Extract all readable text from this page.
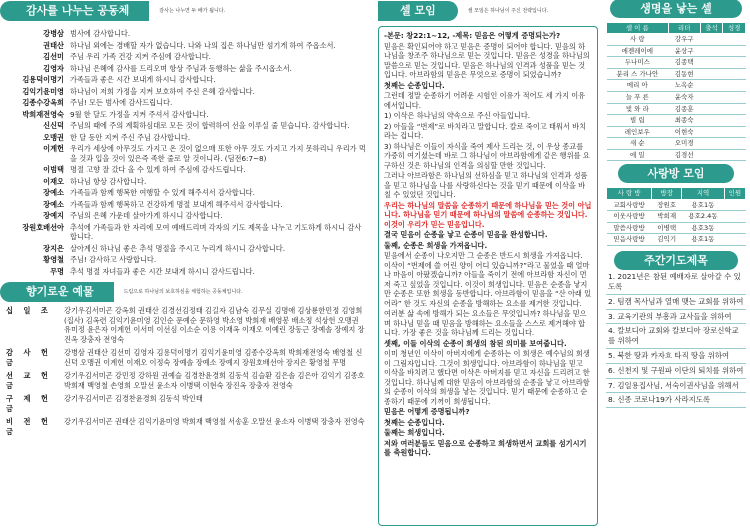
감사를 나누는 공동체	감사는 나누면 두 배가 됩니다.
강병삼 범사에 감사합니다.
권태산 하나님 외에는 경배할 자가 없습니다. 나와 나의 집은 하나님만 섬기게 하여 주옵소서.
김선미 주님 우리 가족 건강 지켜 주심에 감사합니다.
김영자 하나님 은혜에 감사를 드리오며 항상 주님과 동행하는 삶을 주시옵소서.
김용덕이명기 가족들과 좋은 시간 보내게 하시니 감사합니다.
김익기윤미영 하나님이 저희 가정을 지켜 보호하여 주신 은혜 감사합니다.
김종수강옥희 주님! 모든 범사에 감사드립니다.
박희재전영숙 9월 한 달도 가정을 지켜 주셔서 감사합니다.
신신덕 주님의 때에 주의 계획하심대로 모든 것이 합력하여 선을 이루실 줄 믿습니다. 감사합니다.
오맹권 한 달 동안 지켜 주신 주님 감사합니다.
이계헌 우리가 세상에 아무것도 가지고 온 것이 없으매 또한 아무 것도 가지고 가지 못하리니 우리가 먹을 것과 입을 것이 있은즉 족한 줄로 알 것이니라. (딤전6:7~8)
이범택 명절 고향 잘 갔다 올 수 있게 하여 주심에 감사드립니다.
이재오 하나님 항상 감사합니다.
장예소 가족들과 함께 행복한 여행할 수 있게 해주셔서 감사합니다.
장예소 가족들과 함께 행복하고 건강하게 명절 보내게 해주셔서 감사합니다.
장예지 주님의 은혜 가운데 살아가게 하시니 감사합니다.
장원호배선아 추석에 가족들과 한 자리에 모여 예배드리며 각자의 기도 제목을 나누고 기도하게 하시니 감사합니다.
장지은 살아계신 하나님 좋은 추석 명절을 주시고 누리게 하시니 감사합니다.
황영철 주님! 감사하고 사랑합니다.
무명 추석 명절 자녀들과 좋은 시간 보내게 하시니 감사드립니다.
향기로운 예물	드림으로 하나님의 보호하심을 체험하는 공동체입니다.
십 일 조	강기우김서미곤 강옥희 권태산 김경선김정태 김길자 김남숙 김무실 김명애 김상룡한민정 김영희(집사) 김옥련 김익기윤미영 김인순 문예순 문하영 박소영 박희재 배영봉 배소정 석상헌 오맹권 유미정 윤은자 이계헌 이서미 이선심 이소순 이용 이재옥 이재오 이예린 장동근 장예솔 장예지 장진옥 장충자 전영숙
감 사 헌 금
강병삼 권태산 김선미 김영자 김용덕이명기 김익기윤미영 김종수강옥희 박희재전영숙 배영철 신신덕 오맹권 이계헌 이재오 이정숙 장예솔 장예소 장예지 장원호배선아 장지은 황영철 무명
선 교 헌 금
강기우김서미곤 강민정 강하원 권예슬 김경찬윤경희 김동석 김슬환 김은솔 김은아 김익기 김종호 박희재 백영철 손영희 오말선 윤소자 이병택 이현숙 장진옥 장충자 전영숙
구 제 헌 금
강기우김서미곤 김경찬윤경희 김동석 박인태
비 전 헌 금
강기우김서미곤 권태산 김익기윤미영 박희재 백영철 서송훈 오말선 윤소자 이병택 장충자 전영숙
셀 모임	셀 모임은 하나님이 주신 전략입니다.

-본문: 창22:1~12, -제목: 믿음은 어떻게 증명되는가?

믿음은 확인되어야 하고 믿음은 증명이 되어야 합니다. 믿음의 하나님을 창조주 하나님으로 믿는 것입니다. 믿음은 성경을 하나님의 말씀으로 믿는 것입니다. 믿음은 하나님의 인격과 성품을 믿는 것입니다. 아브라함의 믿음은 무엇으로 증명이 되었습니까?

첫째는 순종입니다.

그런데 정말 순종하기 어려운 시험인 이유가 적어도 세 가지 이유에서입니다.

1) 이삭은 하나님의 약속으로 주신 아들입니다.

2) 아들을 “번제”로 바치라고 말합니다. 칼로 죽이고 태워서 바치라는 겁니다.

3) 하나님은 이들이 자식을 죽여 제사 드리는 것, 이 우상 종교를 가증히 여기셨는데 바로 그 하나님이 아브라함에게 같은 행위를 요구하신 것은 하나님의 인격을 의심할 만한 것입니다.

그러나 아브라함은 하나님의 선하심을 믿고 하나님의 인격과 성품을 믿고 하나님을 나를 사랑하신다는 것을 믿기 때문에 이삭을 바칠 수 있었던 것입니다.

우리는 하나님의 말씀을 순종하기 때문에 하나님을 믿는 것이 아닙니다. 하나님을 믿기 때문에 하나님의 말씀에 순종하는 것입니다. 이것이 우리가 믿는 믿음입니다.

결국 믿음이 순종을 낳고 순종이 믿음을 완성합니다.

둘째, 순종은 희생을 가져옵니다.

믿음에서 순종이 나오지만 그 순종은 반드시 희생을 가져옵니다. 이삭이 “번제에 쓸 어린 양이 어디 있습니까?”라고 물었을 때 얼마나 마음이 아팠겠습니까? 아들을 죽이기 전에 아브라함 자신이 먼저 죽고 싶었을 것입니다. 이것이 희생입니다. 믿음은 순종을 낳지만 순종은 또한 희생을 동반합니다. 아브라함이 믿음을 “산 아래 있어라” 한 것도 자신의 순종을 방해하는 요소를 제거한 것입니다.

여러분 삶 속에 방해가 되는 요소들은 무엇입니까? 하나님을 믿으며 하나님 믿을 때 믿음을 방해하는 요소들을 스스로 제거해야 합니다. 가장 좋은 것을 하나님께 드리는 것입니다.

셋째, 이들 이삭의 순종이 희생의 참된 의미를 보여줍니다.

이미 청년인 이삭이 아버지에게 순종하는 이 희생은 예수님의 희생이 그림자입니다. 그것이 희생입니다. 아브라함이 하나님을 믿고 이삭을 바치려고 했다면 이삭은 아버지를 믿고 자신을 드리려고 한 것입니다. 하나님께 대한 믿음이 아브라함의 순종을 낳고 아브라함의 순종이 이삭의 희생을 낳는 것입니다. 믿기 때문에 순종하고 순종하기 때문에 기꺼이 희생됩니다.

믿음은 어떻게 증명됩니까?

첫째는 순종입니다.

둘째는 희생입니다.

저와 여러분들도 믿음으로 순종하고 희생하면서 교회를 섬기시기를 축원합니다.

생명을 낳는 셀
셀 이 름	리더	출석	성경
사 랑	강우구		
에젠레이에	윤상구		
두나미스	김종택		
분리 스 가나안	김동현		
메리 아	노옥순		
늘 푸 른	윤숙자		
빛 와 라	김종훈		
빌 립	최종숙		
레인보우	이현숙		
새 순	오미경		
에 밀	김경선		
사랑방 모임
사 랑 방	방장	지역	인원
교회사랑방	장원호	용호1동	
이웃사랑방	박희재	용호2.4동	
말씀사랑방	이병택	용호3동	
믿음사랑방	김익기	용호1동	
주간기도제목
1. 2021년은 참된 예배자로 살아갈 수 있도록
2. 팀캠 목사님과 열매 맺는 교회를 위하여
3. 교육기관의 부흥과 교사들을 위하여
4. 칼보디아 교회와 칼보디아 장로신학교를 위하여
5. 북한 땅과 카자흐 타직 땅을 위하여
6. 신천지 및 구원파 이단의 퇴치를 위하여
7. 김일용집사님, 서숙이권사님을 위해서
8. 신종 코로나19가 사라지도록
